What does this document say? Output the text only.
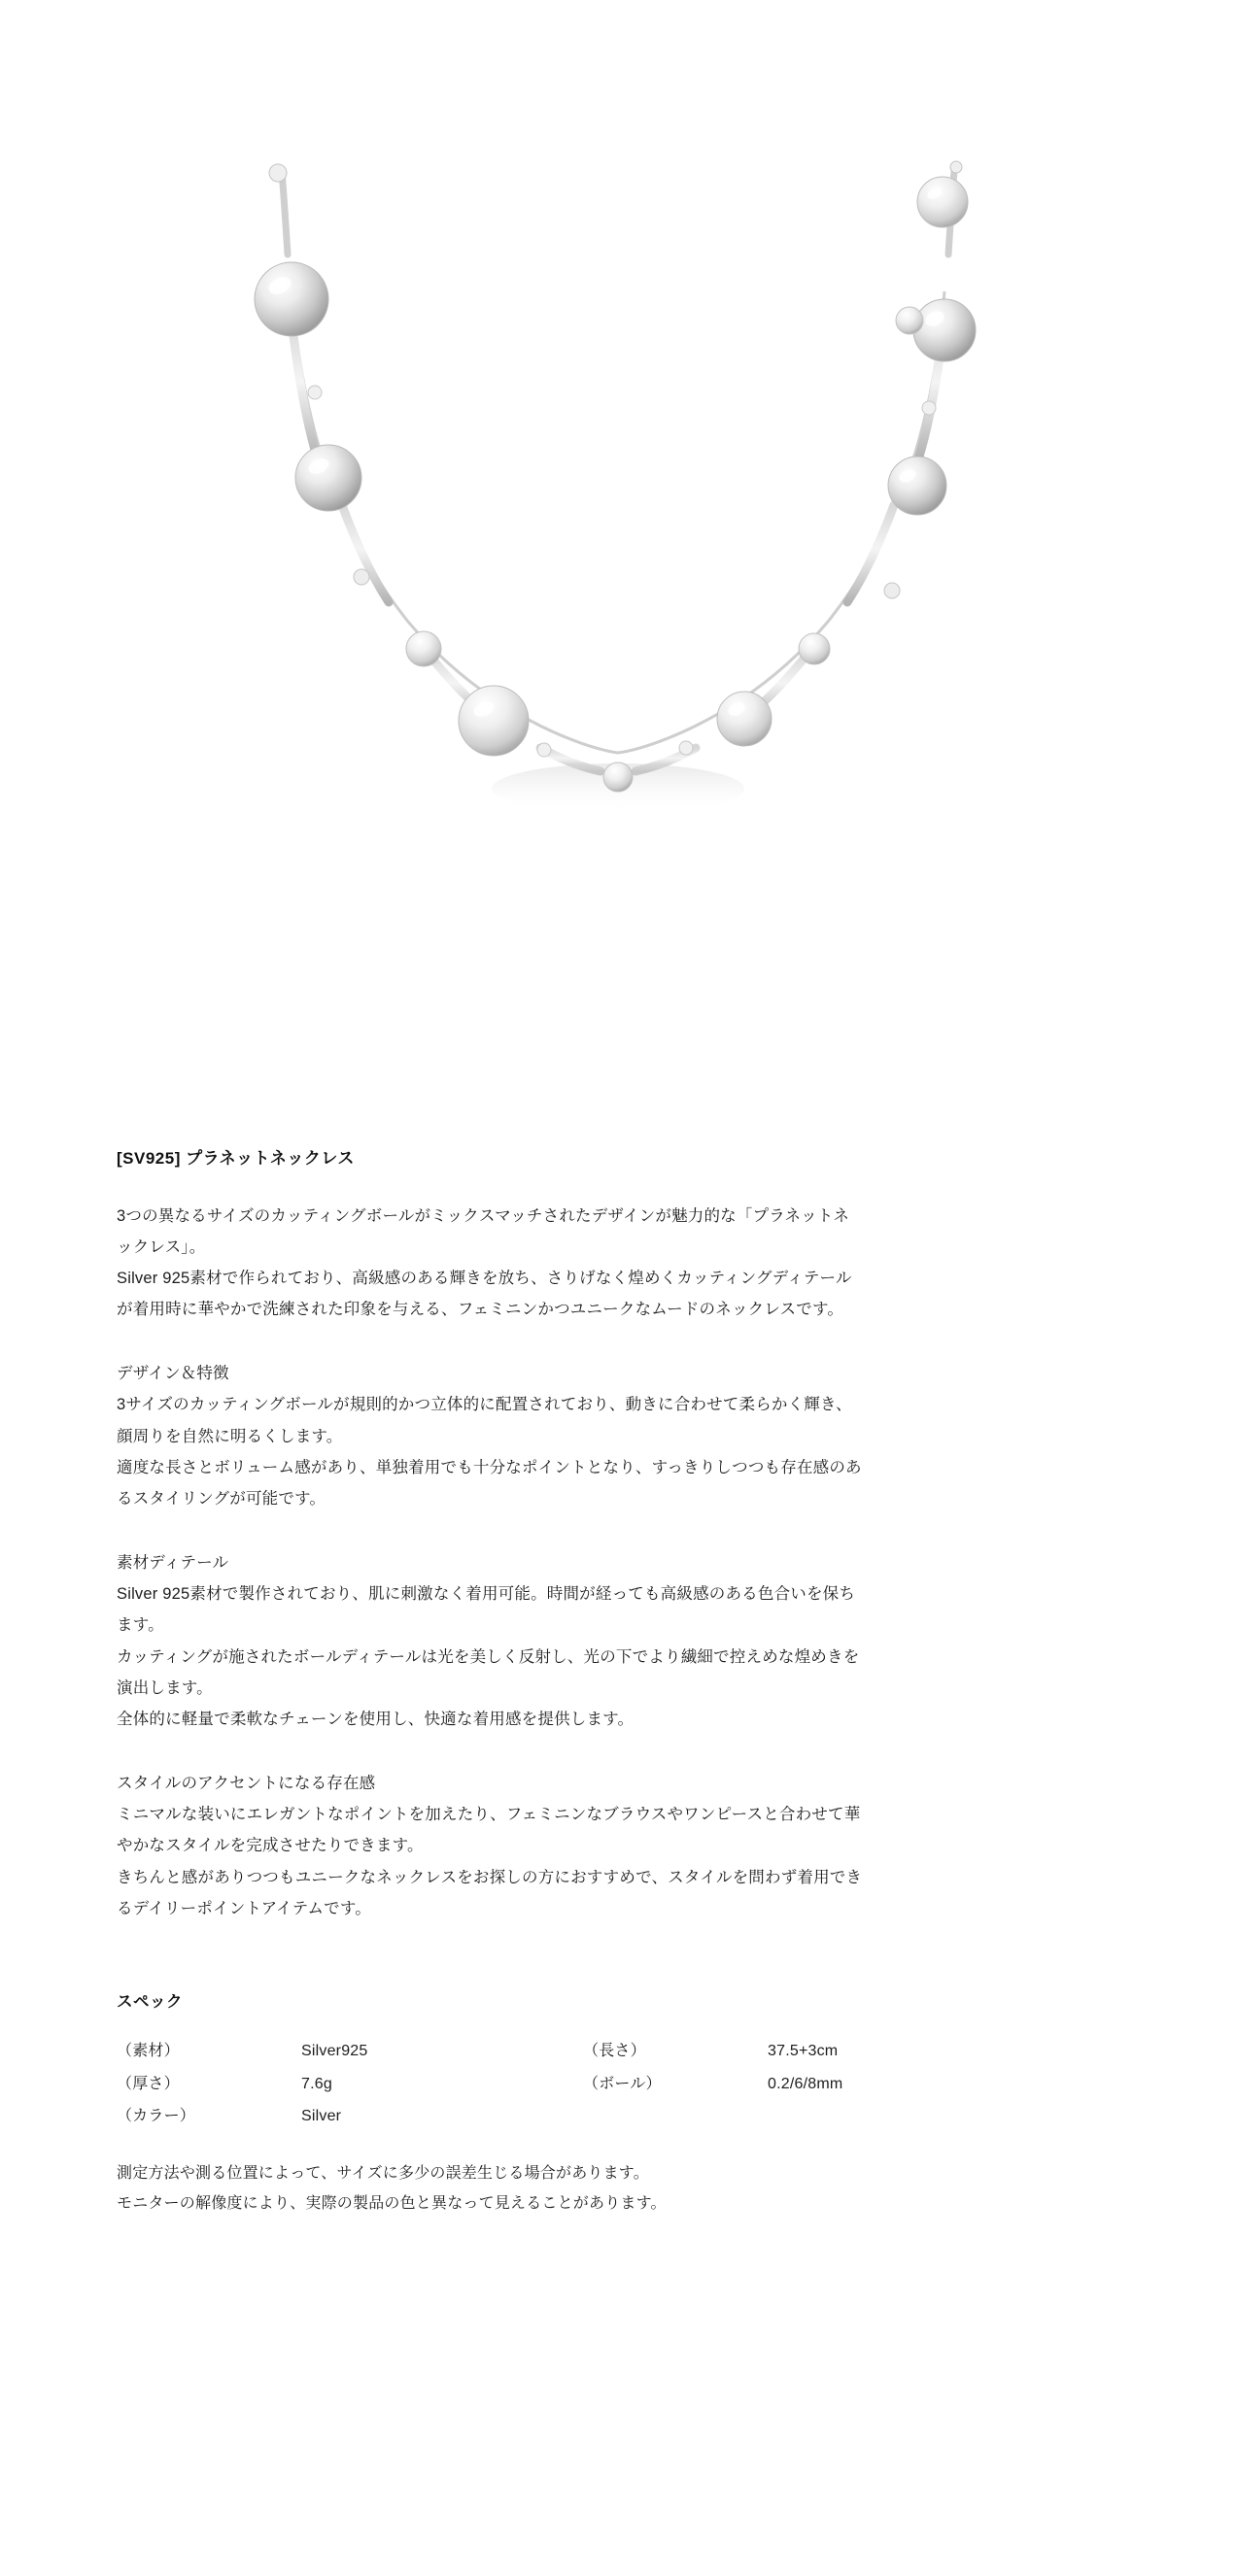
[SV925] プラネットネックレス
3つの異なるサイズのカッティングボールがミックスマッチされたデザインが魅力的な「プラネットネ
ックレス」。
Silver 925素材で作られており、高級感のある輝きを放ち、さりげなく煌めくカッティングディテール
が着用時に華やかで洗練された印象を与える、フェミニンかつユニークなムードのネックレスです。
デザイン＆特徴
3サイズのカッティングボールが規則的かつ立体的に配置されており、動きに合わせて柔らかく輝き、
顔周りを自然に明るくします。
適度な長さとボリューム感があり、単独着用でも十分なポイントとなり、すっきりしつつも存在感のあ
るスタイリングが可能です。
素材ディテール
Silver 925素材で製作されており、肌に刺激なく着用可能。時間が経っても高級感のある色合いを保ち
ます。
カッティングが施されたボールディテールは光を美しく反射し、光の下でより繊細で控えめな煌めきを
演出します。
全体的に軽量で柔軟なチェーンを使用し、快適な着用感を提供します。
スタイルのアクセントになる存在感
ミニマルな装いにエレガントなポイントを加えたり、フェミニンなブラウスやワンピースと合わせて華
やかなスタイルを完成させたりできます。
きちんと感がありつつもユニークなネックレスをお探しの方におすすめで、スタイルを問わず着用でき
るデイリーポイントアイテムです。
スペック
（素材）	Silver925	（長さ）	37.5+3cm
（厚さ）	7.6g	（ボール）	0.2/6/8mm
（カラー）	Silver		
測定方法や測る位置によって、サイズに多少の誤差生じる場合があります。
モニターの解像度により、実際の製品の色と異なって見えることがあります。
